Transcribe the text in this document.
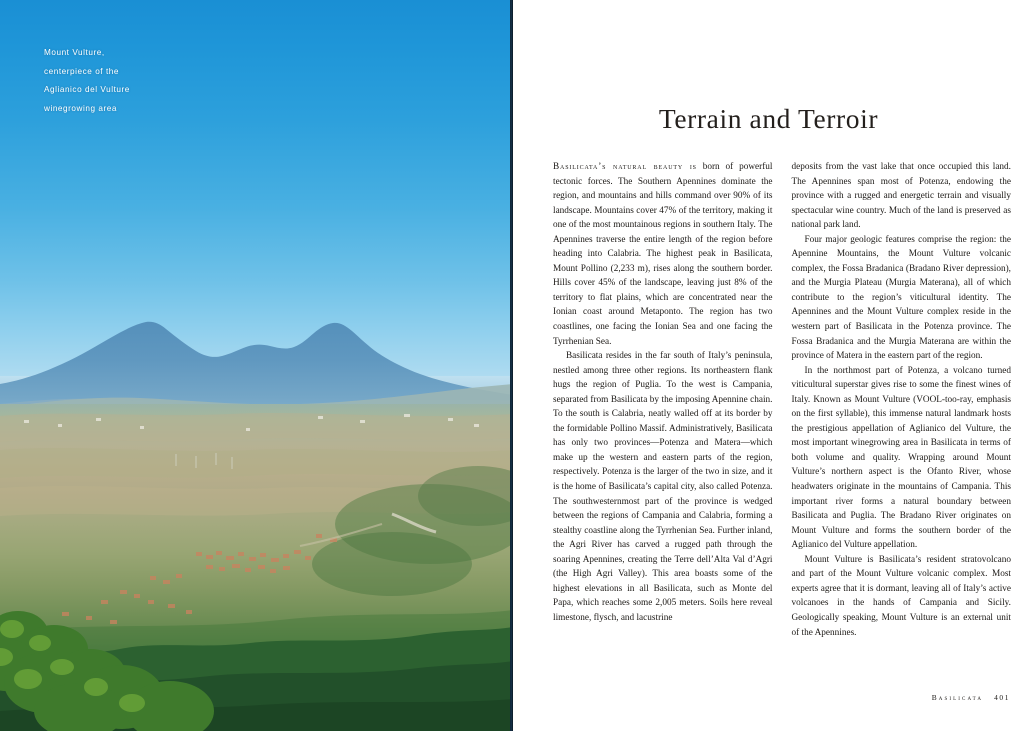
Mount Vulture,
centerpiece of the
Aglianico del Vulture
winegrowing area	Terrain and Terroir

Basilicata’s natural beauty is born of powerful tectonic forces. The Southern Apennines dominate the region, and mountains and hills command over 90% of its landscape. Mountains cover 47% of the territory, making it one of the most mountainous regions in southern Italy. The Apennines traverse the entire length of the region before heading into Calabria. The highest peak in Basilicata, Mount Pollino (2,233 m), rises along the southern border. Hills cover 45% of the landscape, leaving just 8% of the territory to flat plains, which are concentrated near the Ionian coast around Metaponto. The region has two coastlines, one facing the Ionian Sea and one facing the Tyrrhenian Sea.

Basilicata resides in the far south of Italy’s peninsula, nestled among three other regions. Its northeastern flank hugs the region of Puglia. To the west is Campania, separated from Basilicata by the imposing Apennine chain. To the south is Calabria, neatly walled off at its border by the formidable Pollino Massif. Administratively, Basilicata has only two provinces—Potenza and Matera—which make up the western and eastern parts of the region, respectively. Potenza is the larger of the two in size, and it is the home of Basilicata’s capital city, also called Potenza. The southwesternmost part of the province is wedged between the regions of Campania and Calabria, forming a stealthy coastline along the Tyrrhenian Sea. Further inland, the Agri River has carved a rugged path through the soaring Apennines, creating the Terre dell’Alta Val d’Agri (the High Agri Valley). This area boasts some of the highest elevations in all Basilicata, such as Monte del Papa, which reaches some 2,005 meters. Soils here reveal limestone, flysch, and lacustrine

deposits from the vast lake that once occupied this land. The Apennines span most of Potenza, endowing the province with a rugged and energetic terrain and visually spectacular wine country. Much of the land is preserved as national park land.

Four major geologic features comprise the region: the Apennine Mountains, the Mount Vulture volcanic complex, the Fossa Bradanica (Bradano River depression), and the Murgia Plateau (Murgia Materana), all of which contribute to the region’s viticultural identity. The Apennines and the Mount Vulture complex reside in the western part of Basilicata in the Potenza province. The Fossa Bradanica and the Murgia Materana are within the province of Matera in the eastern part of the region.

In the northmost part of Potenza, a volcano turned viticultural superstar gives rise to some the finest wines of Italy. Known as Mount Vulture (VOOL-too-ray, emphasis on the first syllable), this immense natural landmark hosts the prestigious appellation of Aglianico del Vulture, the most important winegrowing area in Basilicata in terms of both volume and quality. Wrapping around Mount Vulture’s northern aspect is the Ofanto River, whose headwaters originate in the mountains of Campania. This important river forms a natural boundary between Basilicata and Puglia. The Bradano River originates on Mount Vulture and forms the southern border of the Aglianico del Vulture appellation.

Mount Vulture is Basilicata’s resident stratovolcano and part of the Mount Vulture volcanic complex. Most experts agree that it is dormant, leaving all of Italy’s active volcanoes in the hands of Campania and Sicily. Geologically speaking, Mount Vulture is an external unit of the Apennines.

Basilicata 401
